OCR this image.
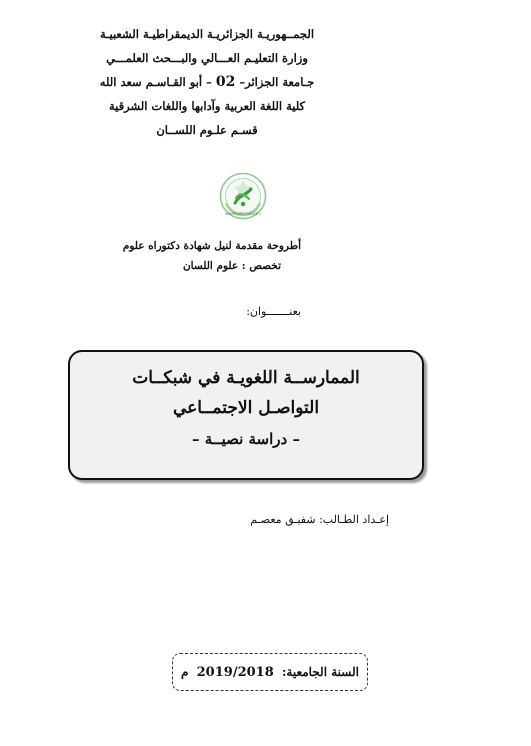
الجمــهوريـة الجزائريـة الديمقراطيـة الشعبيـة
وزارة التعليـم العـــالي والبـــحث العلمـــي
جـامعة الجزائر– 02 – أبو القـاسـم سعد الله
كلية اللغة العربية وآدابها واللغات الشرقية
قسـم علـوم اللســان
UNIVERSITÉ D'ALGER 2
أطروحة مقدمة لنيل شهادة دكتوراه علوم
تخصص : علوم اللسان
بعنـــــــوان:
الممارســة اللغويـة في شبكــات
التواصـل الاجتمــاعي
– دراسة نصيــة –
إعـداد الطـالب: شفيـق معصـم
السنة الجامعية: 2019/2018 م
